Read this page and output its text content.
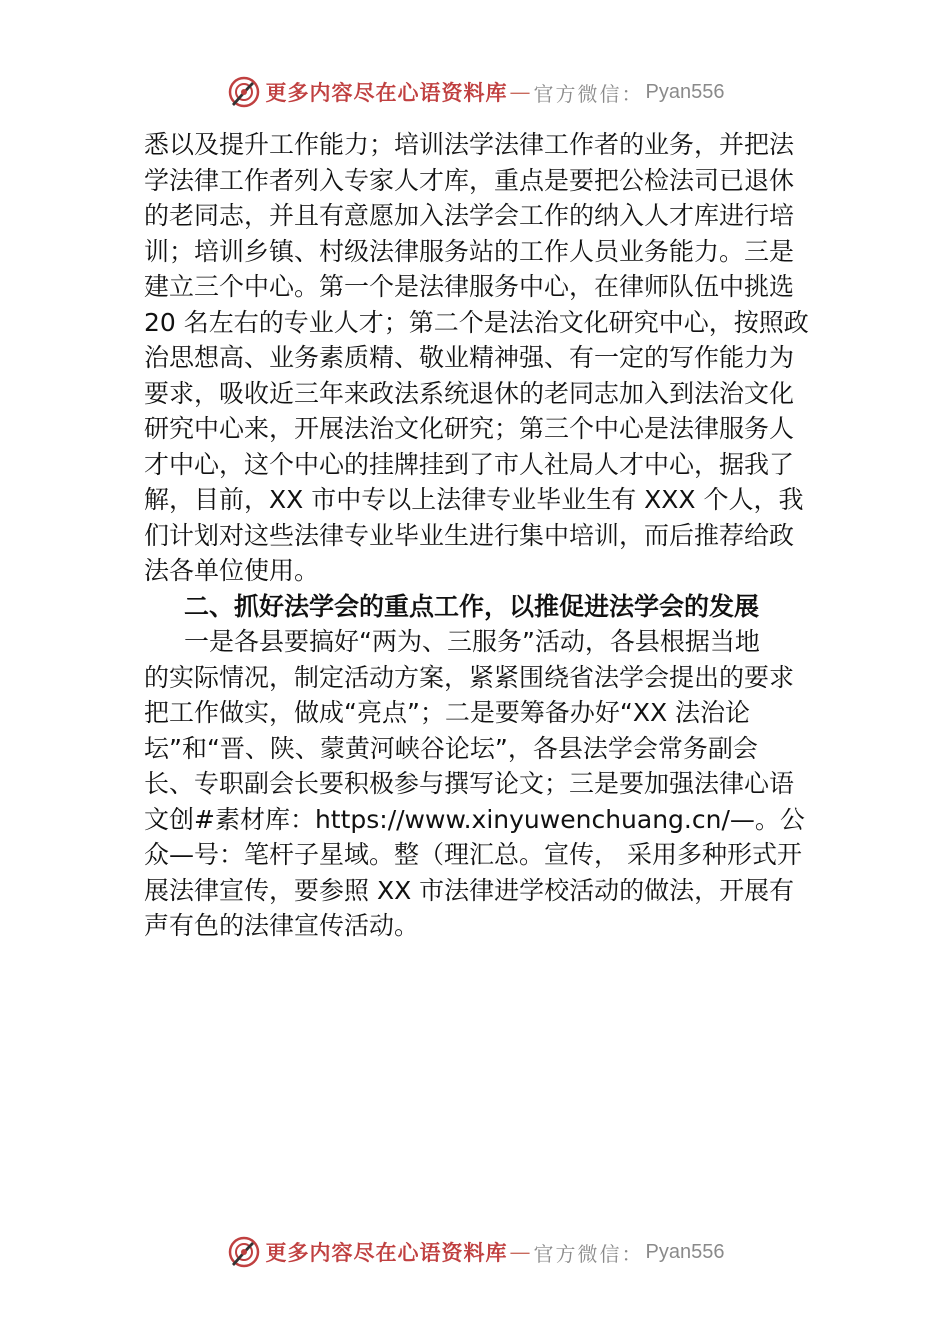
更多内容尽在心语资料库 — 官方微信： Pyan556
悉以及提升工作能力；培训法学法律工作者的业务，并把法
学法律工作者列入专家人才库，重点是要把公检法司已退休
的老同志，并且有意愿加入法学会工作的纳入人才库进行培
训；培训乡镇、村级法律服务站的工作人员业务能力。三是
建立三个中心。第一个是法律服务中心，在律师队伍中挑选
20 名左右的专业人才；第二个是法治文化研究中心，按照政
治思想高、业务素质精、敬业精神强、有一定的写作能力为
要求，吸收近三年来政法系统退休的老同志加入到法治文化
研究中心来，开展法治文化研究；第三个中心是法律服务人
才中心，这个中心的挂牌挂到了市人社局人才中心，据我了
解，目前，XX 市中专以上法律专业毕业生有 XXX 个人，我
们计划对这些法律专业毕业生进行集中培训，而后推荐给政
法各单位使用。
二、抓好法学会的重点工作，以推促进法学会的发展
一是各县要搞好“两为、三服务”活动，各县根据当地
的实际情况，制定活动方案，紧紧围绕省法学会提出的要求
把工作做实，做成“亮点”；二是要筹备办好“XX 法治论
坛”和“晋、陕、蒙黄河峡谷论坛”，各县法学会常务副会
长、专职副会长要积极参与撰写论文；三是要加强法律心语
文创#素材库：https://www.xinyuwenchuang.cn/—。公
众—号：笔杆子星域。整（理汇总。宣传， 采用多种形式开
展法律宣传，要参照 XX 市法律进学校活动的做法，开展有
声有色的法律宣传活动。
更多内容尽在心语资料库 — 官方微信： Pyan556
